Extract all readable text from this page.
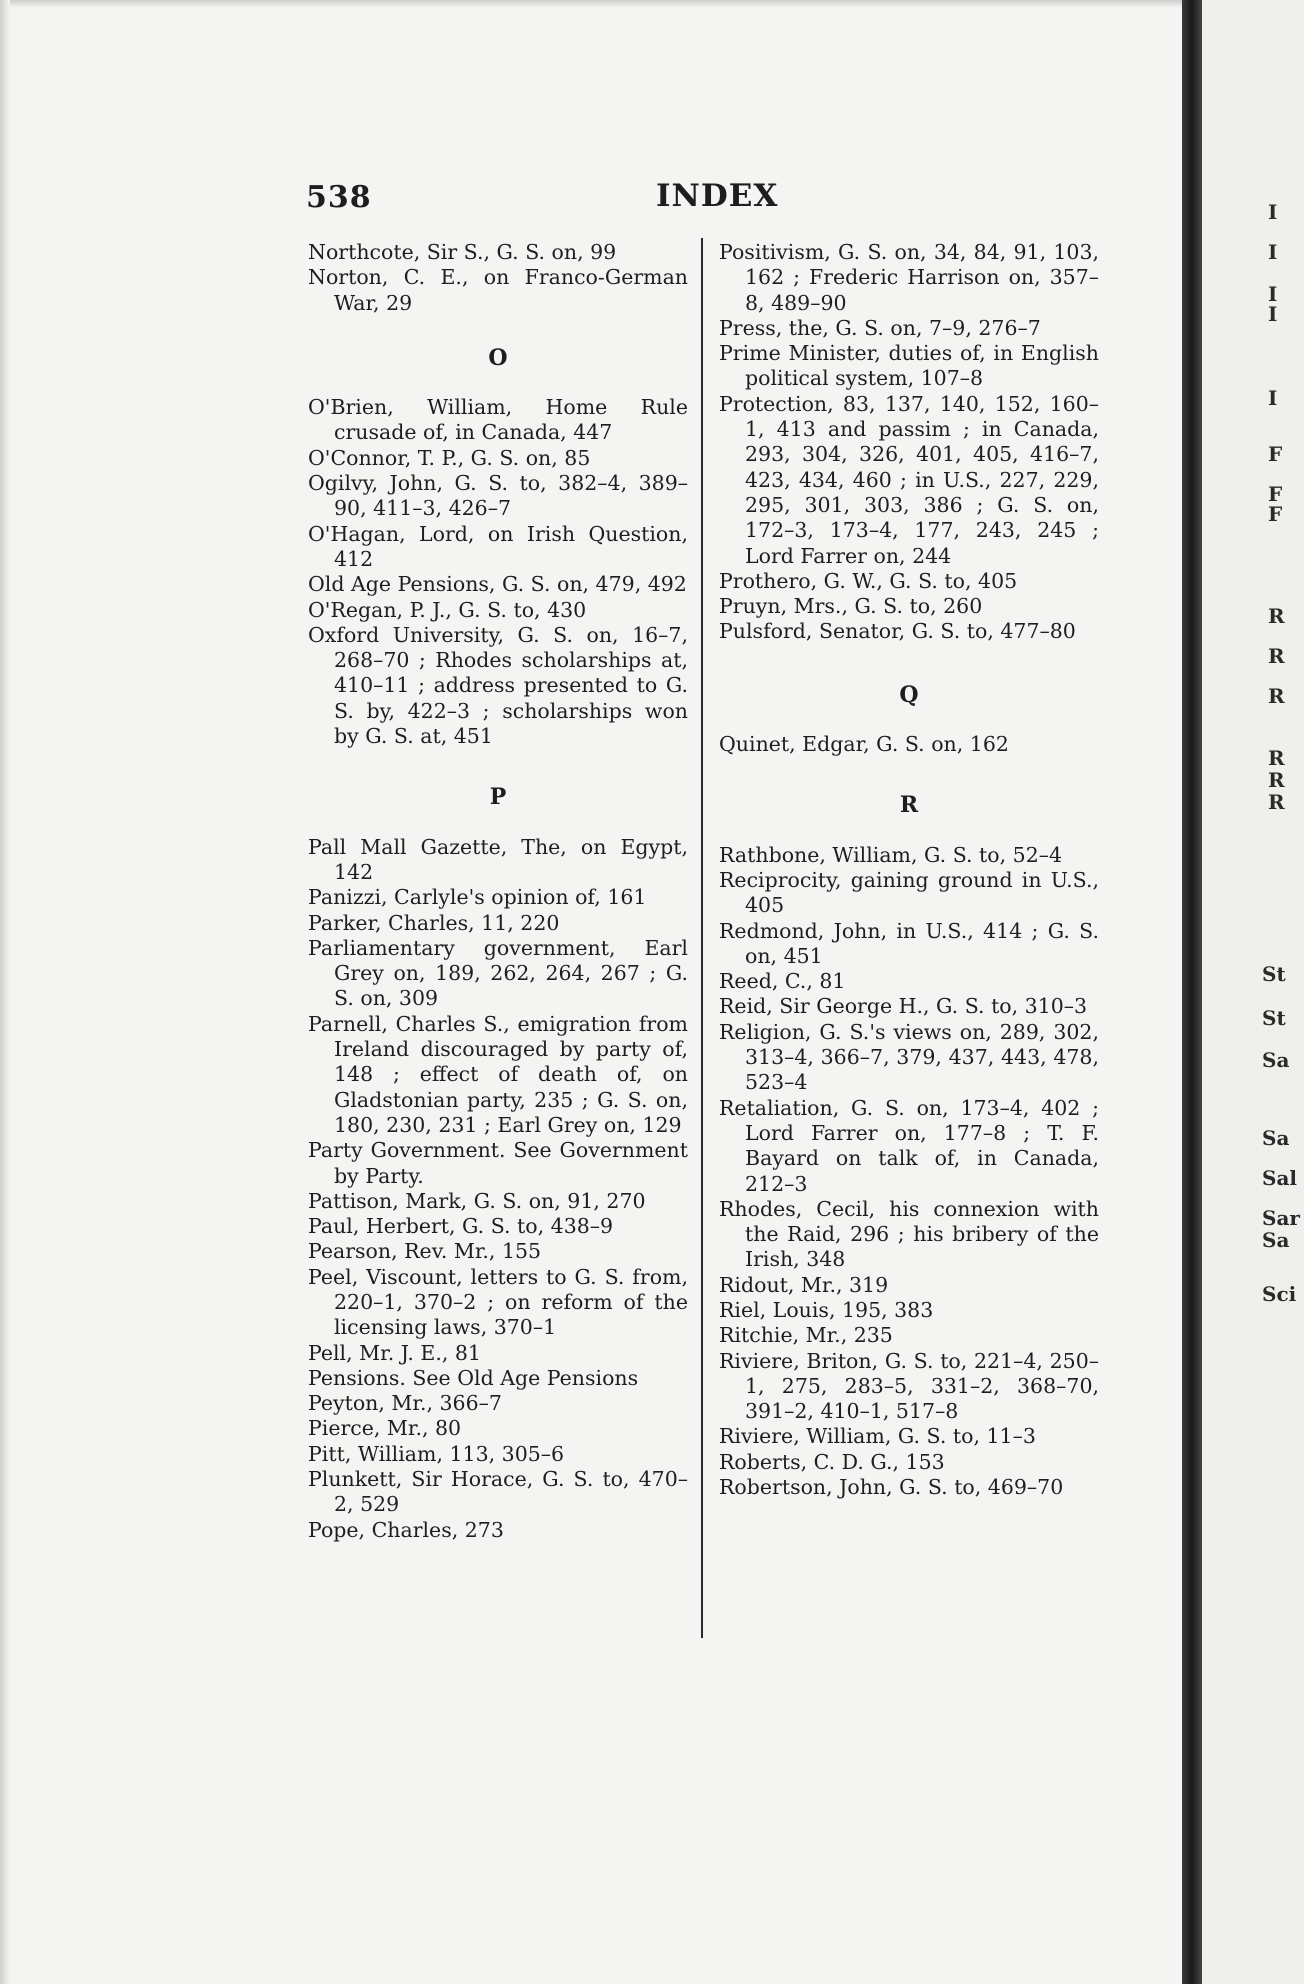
538	INDEX

Northcote, Sir S., G. S. on, 99

Norton, C. E., on Franco-German War, 29

O

O'Brien, William, Home Rule crusade of, in Canada, 447

O'Connor, T. P., G. S. on, 85

Ogilvy, John, G. S. to, 382–4, 389–90, 411–3, 426–7

O'Hagan, Lord, on Irish Question, 412

Old Age Pensions, G. S. on, 479, 492

O'Regan, P. J., G. S. to, 430

Oxford University, G. S. on, 16–7, 268–70 ; Rhodes scholarships at, 410–11 ; address presented to G. S. by, 422–3 ; scholarships won by G. S. at, 451

P

Pall Mall Gazette, The, on Egypt, 142

Panizzi, Carlyle's opinion of, 161

Parker, Charles, 11, 220

Parliamentary government, Earl Grey on, 189, 262, 264, 267 ; G. S. on, 309

Parnell, Charles S., emigration from Ireland discouraged by party of, 148 ; effect of death of, on Gladstonian party, 235 ; G. S. on, 180, 230, 231 ; Earl Grey on, 129

Party Government. See Government by Party.

Pattison, Mark, G. S. on, 91, 270

Paul, Herbert, G. S. to, 438–9

Pearson, Rev. Mr., 155

Peel, Viscount, letters to G. S. from, 220–1, 370–2 ; on reform of the licensing laws, 370–1

Pell, Mr. J. E., 81

Pensions. See Old Age Pensions

Peyton, Mr., 366–7

Pierce, Mr., 80

Pitt, William, 113, 305–6

Plunkett, Sir Horace, G. S. to, 470–2, 529

Pope, Charles, 273

Positivism, G. S. on, 34, 84, 91, 103, 162 ; Frederic Harrison on, 357–8, 489–90

Press, the, G. S. on, 7–9, 276–7

Prime Minister, duties of, in English political system, 107–8

Protection, 83, 137, 140, 152, 160–1, 413 and passim ; in Canada, 293, 304, 326, 401, 405, 416–7, 423, 434, 460 ; in U.S., 227, 229, 295, 301, 303, 386 ; G. S. on, 172–3, 173–4, 177, 243, 245 ; Lord Farrer on, 244

Prothero, G. W., G. S. to, 405

Pruyn, Mrs., G. S. to, 260

Pulsford, Senator, G. S. to, 477–80

Q

Quinet, Edgar, G. S. on, 162

R

Rathbone, William, G. S. to, 52–4

Reciprocity, gaining ground in U.S., 405

Redmond, John, in U.S., 414 ; G. S. on, 451

Reed, C., 81

Reid, Sir George H., G. S. to, 310–3

Religion, G. S.'s views on, 289, 302, 313–4, 366–7, 379, 437, 443, 478, 523–4

Retaliation, G. S. on, 173–4, 402 ; Lord Farrer on, 177–8 ; T. F. Bayard on talk of, in Canada, 212–3

Rhodes, Cecil, his connexion with the Raid, 296 ; his bribery of the Irish, 348

Ridout, Mr., 319

Riel, Louis, 195, 383

Ritchie, Mr., 235

Riviere, Briton, G. S. to, 221–4, 250–1, 275, 283–5, 331–2, 368–70, 391–2, 410–1, 517–8

Riviere, William, G. S. to, 11–3

Roberts, C. D. G., 153

Robertson, John, G. S. to, 469–70

I
I
I
I
I
F
F
F
R
R
R
R
R
R
St
St
Sa
Sa
Sal
Sar
Sa
Sci
